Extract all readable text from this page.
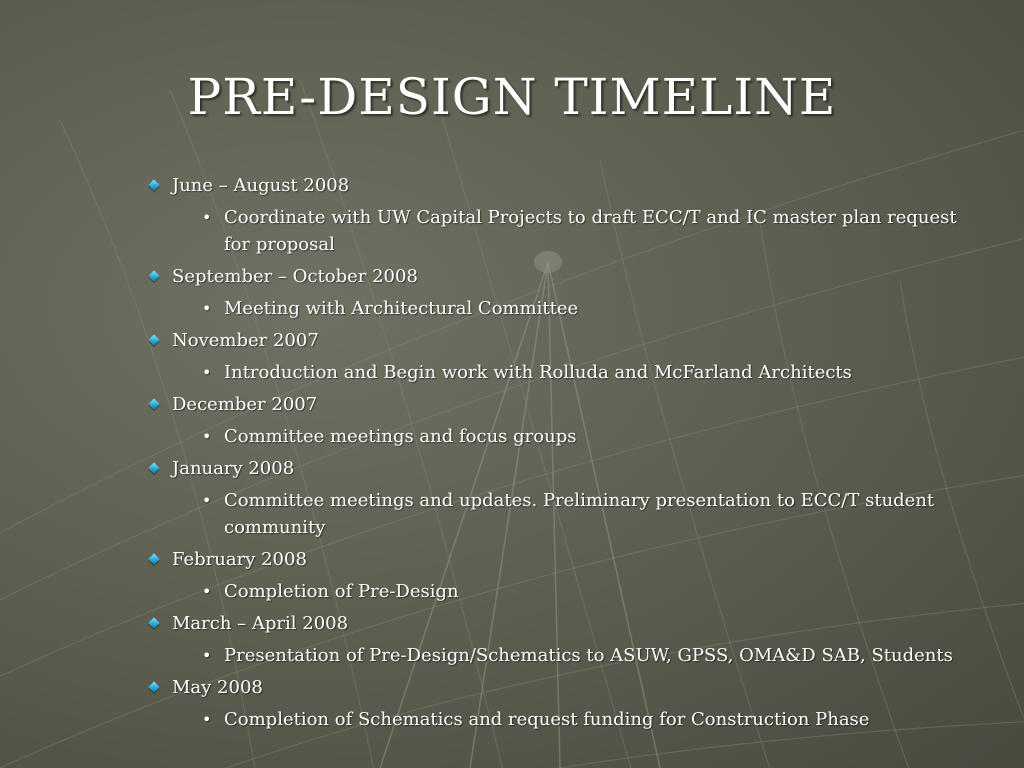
PRE-DESIGN TIMELINE
June – August 2008
• Coordinate with UW Capital Projects to draft ECC/T and IC master plan request for proposal
September – October 2008
• Meeting with Architectural Committee
November 2007
• Introduction and Begin work with Rolluda and McFarland Architects
December 2007
• Committee meetings and focus groups
January 2008
• Committee meetings and updates. Preliminary presentation to ECC/T student community
February 2008
• Completion of Pre-Design
March – April 2008
• Presentation of Pre-Design/Schematics to ASUW, GPSS, OMA&D SAB, Students
May 2008
• Completion of Schematics and request funding for Construction Phase
